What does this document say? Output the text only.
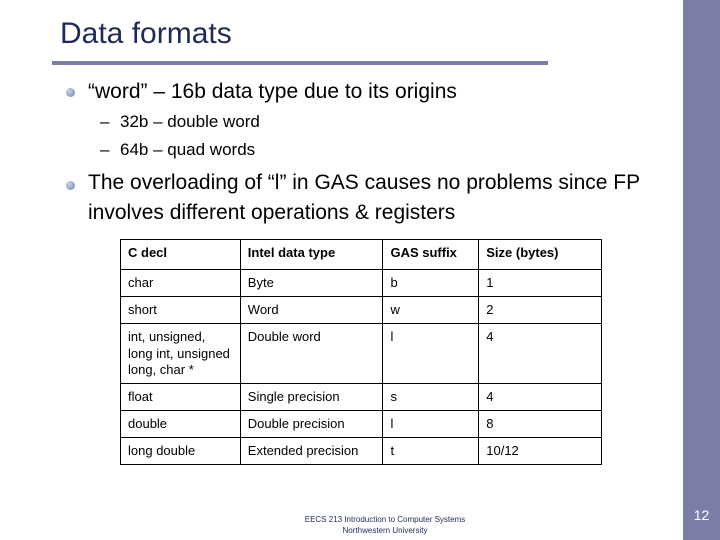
Data formats
“word” – 16b data type due to its origins
– 32b – double word
– 64b – quad words
The overloading of “l” in GAS causes no problems since FP involves different operations & registers
C decl	Intel data type	GAS suffix	Size (bytes)
char	Byte	b	1
short	Word	w	2
int, unsigned, long int, unsigned long, char *	Double word	l	4
float	Single precision	s	4
double	Double precision	l	8
long double	Extended precision	t	10/12
EECS 213 Introduction to Computer Systems
Northwestern University
12
